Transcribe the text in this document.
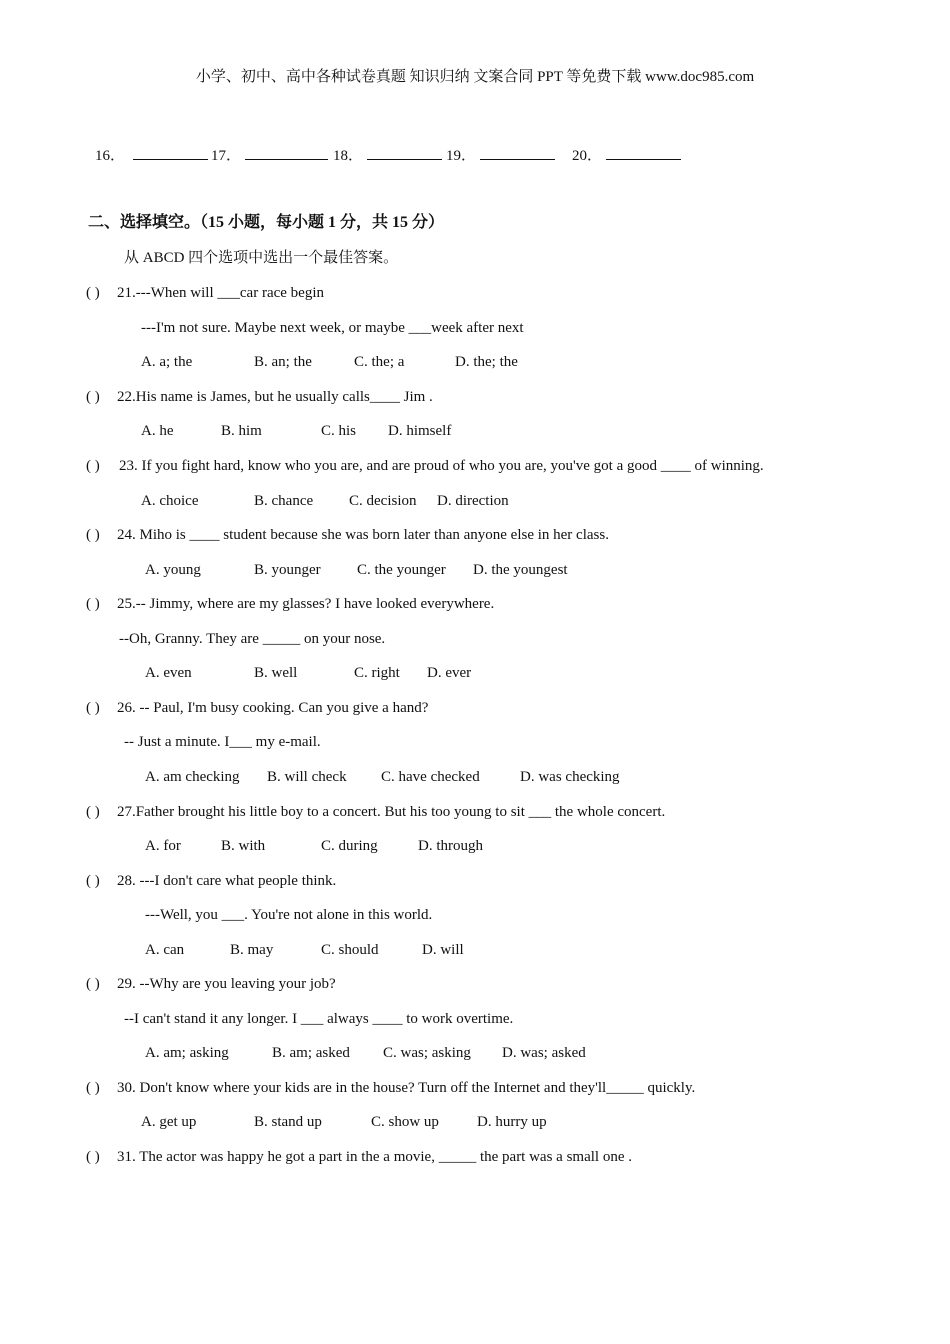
小学、初中、高中各种试卷真题 知识归纳 文案合同 PPT 等免费下载 www.doc985.com
16．	17．	18．	19．	20．
二、选择填空。（15 小题，每小题 1 分，共 15 分）
从 ABCD 四个选项中选出一个最佳答案。
( ) 21.---When will ___car race begin
---I'm not sure. Maybe next week, or maybe ___week after next
A. a; the	B. an; the	C. the; a	D. the; the
( ) 22.His name is James, but he usually calls____ Jim .
A. he	B. him	C. his D. himself
( ) 23. If you fight hard, know who you are, and are proud of who you are, you've got a good ____ of winning.
A. choice	B. chance C. decision D. direction
( ) 24. Miho is ____ student because she was born later than anyone else in her class.
A. young	B. younger C. the younger D. the youngest
( ) 25.-- Jimmy, where are my glasses? I have looked everywhere.
--Oh, Granny. They are _____ on your nose.
A. even	B. well	C. right D. ever
( ) 26. -- Paul, I'm busy cooking. Can you give a hand?
-- Just a minute. I___ my e-mail.
A. am checking B. will check C. have checked	D. was checking
( ) 27.Father brought his little boy to a concert. But his too young to sit ___ the whole concert.
A. for	B. with	C. during	D. through
( ) 28. ---I don't care what people think.
---Well, you ___. You're not alone in this world.
A. can	B. may	C. should	D. will
( ) 29. --Why are you leaving your job?
--I can't stand it any longer. I ___ always ____ to work overtime.
A. am; asking	B. am; asked C. was; asking D. was; asked
( ) 30. Don't know where your kids are in the house? Turn off the Internet and they'll_____ quickly.
A. get up	B. stand up	C. show up	D. hurry up
( ) 31. The actor was happy he got a part in the a movie, _____ the part was a small one .
